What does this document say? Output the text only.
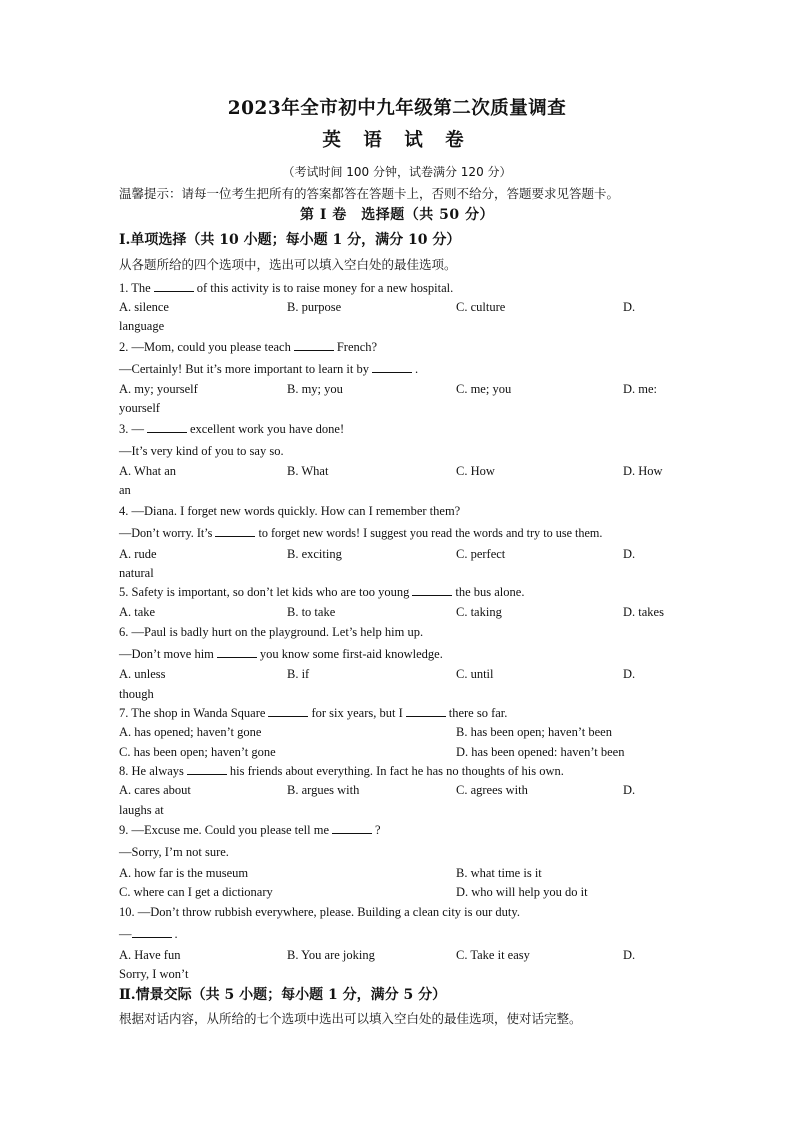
2023年全市初中九年级第二次质量调查
英 语 试 卷
（考试时间 100 分钟，试卷满分 120 分）
温馨提示：请每一位考生把所有的答案都答在答题卡上，否则不给分，答题要求见答题卡。
第 I 卷　选择题（共 50 分）
Ⅰ.单项选择（共 10 小题；每小题 1 分，满分 10 分）
从各题所给的四个选项中，选出可以填入空白处的最佳选项。
1. The	of this activity is to raise money for a new hospital.
A. silence	B. purpose	C. culture	D.
language
2. —Mom, could you please teach	French?
—Certainly! But it’s more important to learn it by	.
A. my; yourself	B. my; you	C. me; you	D. me:
yourself
3. —	excellent work you have done!
—It’s very kind of you to say so.
A. What an	B. What	C. How	D. How
an
4. —Diana. I forget new words quickly. How can I remember them?
—Don’t worry. It’s	to forget new words! I suggest you read the words and try to use them.
A. rude	B. exciting	C. perfect	D.
natural
5. Safety is important, so don’t let kids who are too young	the bus alone.
A. take	B. to take	C. taking	D. takes
6. —Paul is badly hurt on the playground. Let’s help him up.
—Don’t move him	you know some first-aid knowledge.
A. unless	B. if	C. until	D.
though
7. The shop in Wanda Square	for six years, but I	there so far.
A. has opened; haven’t gone	B. has been open; haven’t been
C. has been open; haven’t gone	D. has been opened: haven’t been
8. He always	his friends about everything. In fact he has no thoughts of his own.
A. cares about	B. argues with	C. agrees with	D.
laughs at
9. —Excuse me. Could you please tell me	?
—Sorry, I’m not sure.
A. how far is the museum	B. what time is it
C. where can I get a dictionary	D. who will help you do it
10. —Don’t throw rubbish everywhere, please. Building a clean city is our duty.
—	.
A. Have fun	B. You are joking	C. Take it easy	D.
Sorry, I won’t
Ⅱ.情景交际（共 5 小题；每小题 1 分，满分 5 分）
根据对话内容，从所给的七个选项中选出可以填入空白处的最佳选项，使对话完整。
